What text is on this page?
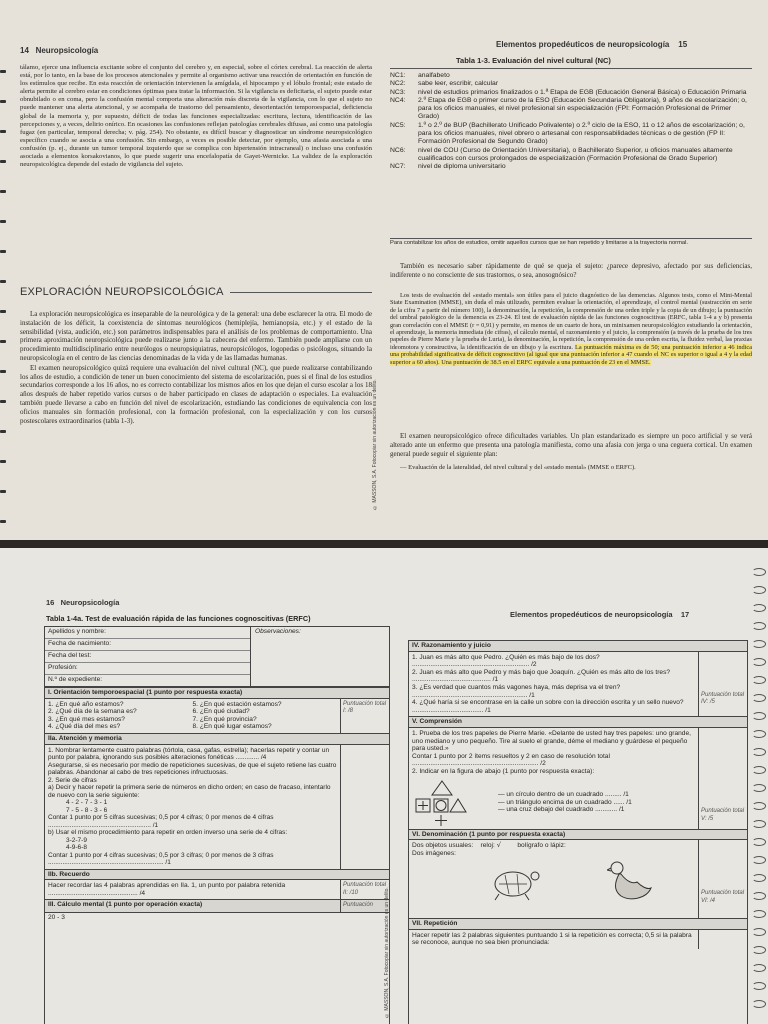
14 Neuropsicología

tálamo, ejerce una influencia excitante sobre el conjunto del cerebro y, en especial, sobre el córtex cerebral. La reacción de alerta está, por lo tanto, en la base de los procesos atencionales y permite al organismo activar una reacción de orientación en función de los estímulos que recibe. En esta reacción de orientación intervienen la amígdala, el hipocampo y el lóbulo frontal; este estado de alerta permite al cerebro estar en condiciones óptimas para tratar la información. Si la vigilancia es deficitaria, el sujeto puede estar obnubilado o en coma, pero la confusión mental comporta una alteración más discreta de la vigilancia, con lo que el sujeto no puede mantener una alerta atencional, y se acompaña de trastorno del pensamiento, desorientación temporoespacial, deficiencia global de la memoria y, por supuesto, déficit de todas las funciones especializadas: escritura, lectura, identificación de las percepciones y, a veces, delirio onírico. En ocasiones las confusiones reflejan patologías cerebrales difusas, así como una patología fugaz (en particular, temporal derecha; v. pág. 254). No obstante, es difícil buscar y diagnosticar un síndrome neuropsicológico específico cuando se asocia a una confusión. Sin embargo, a veces es posible detectar, por ejemplo, una afasia asociada a una confusión (p. ej., durante un tumor temporal izquierdo que se complica con hipertensión intracraneal) o incluso una confusión asociada a elementos korsakovianos, lo que puede sugerir una encefalopatía de Gayet-Wernicke. La validez de la exploración neuropsicológica depende del estado de vigilancia del sujeto.

EXPLORACIÓN NEUROPSICOLÓGICA

La exploración neuropsicológica es inseparable de la neurológica y de la general: una debe esclarecer la otra. El modo de instalación de los déficit, la coexistencia de síntomas neurológicos (hemiplejía, hemianopsia, etc.) y el estado de la sensibilidad (vista, audición, etc.) son parámetros indispensables para el análisis de los problemas de comportamiento. Una primera aproximación neuropsicológica puede realizarse junto a la cabecera del enfermo. También puede ampliarse con un procedimiento multidisciplinario entre neurólogos o neuropsiquiatras, neuropsicólogos, logopedas o psicólogos, situando la neuropsicología en el centro de las ciencias denominadas de la vida y de las llamadas humanas.

El examen neuropsicológico quizá requiere una evaluación del nivel cultural (NC), que puede realizarse contabilizando los años de estudio, a condición de tener un buen conocimiento del sistema de escolarización, pues si el final de los estudios secundarios corresponde a los 16 años, no es correcto contabilizar los mismos años en los que dejan el curso escolar a los 18 años después de haber repetido varios cursos o de haber participado en clases de adaptación o especiales. La evaluación también puede llevarse a cabo en función del nivel de escolarización, estudiando las condiciones de equivalencia con los oficios manuales sin formación profesional, con la formación profesional, con la especialización y con los cursos postescolares extraordinarios (tabla 1-3).

Elementos propedéuticos de neuropsicología 15
Tabla 1-3. Evaluación del nivel cultural (NC)
NC1:	analfabeto
NC2:	sabe leer, escribir, calcular
NC3:	nivel de estudios primarios finalizados o 1.ª Etapa de EGB (Educación General Básica) o Educación Primaria
NC4:	2.º Etapa de EGB o primer curso de la ESO (Educación Secundaria Obligatoria), 9 años de escolarización; o, para los oficios manuales, el nivel profesional sin especialización (FPI: Formación Profesional de Primer Grado)
NC5:	1.º o 2.º de BUP (Bachillerato Unificado Polivalente) o 2.º ciclo de la ESO, 11 o 12 años de escolarización; o, para los oficios manuales, nivel obrero o artesanal con responsabilidades técnicas o de gestión (FP II: Formación Profesional de Segundo Grado)
NC6:	nivel de COU (Curso de Orientación Universitaria), o Bachillerato Superior, u oficios manuales altamente cualificados con cursos prolongados de especialización (Formación Profesional de Grado Superior)
NC7:	nivel de diploma universitario
Para contabilizar los años de estudios, omitir aquellos cursos que se han repetido y limitarse a la trayectoria normal.

También es necesario saber rápidamente de qué se queja el sujeto: ¿parece depresivo, afectado por sus deficiencias, indiferente o no consciente de sus trastornos, o sea, anosognósico?

Los tests de evaluación del «estado mental» son útiles para el juicio diagnóstico de las demencias. Algunos tests, como el Mini-Mental State Examination (MMSE), sin duda el más utilizado, permiten evaluar la orientación, el aprendizaje, el control mental (sustracción en serie de la cifra 7 a partir del número 100), la denominación, la repetición, la comprensión de una orden triple y la copia de un dibujo; la puntuación del umbral patológico de la demencia es 23-24. El test de evaluación rápida de las funciones cognoscitivas (ERFC, tabla 1-4 a y b) presenta gran correlación con el MMSE (r = 0,91) y permite, en menos de un cuarto de hora, un minixamen neuropsicológico estudiando la orientación, el aprendizaje, la memoria inmediata (de cifras), el cálculo mental, el razonamiento y el juicio, la comprensión (a través de la prueba de los tres papeles de Pierre Marie y la prueba de Luria), la denominación, la repetición, la comprensión de una orden escrita, la fluidez verbal, las praxias ideomotora y constructiva, la identificación de un dibujo y la escritura. La puntuación máxima es de 50; una puntuación inferior a 46 indica una probabilidad significativa de déficit cognoscitivo (al igual que una puntuación inferior a 47 cuando el NC es superior o igual a 4 y la edad superior a 60 años). Una puntuación de 38.5 en el ERFC equivale a una puntuación de 23 en el MMSE.

El examen neuropsicológico ofrece dificultades variables. Un plan estandarizado es siempre un poco artificial y se verá alterado ante un enfermo que presenta una patología manifiesta, como una afasia con jerga o una ceguera cortical. Un examen general puede seguir el siguiente plan:

— Evaluación de la lateralidad, del nivel cultural y del «estado mental» (MMSE o ERFC).

© MASSON, S.A. Fotocopiar sin autorización es un delito.
16 Neuropsicología
Tabla 1-4a. Test de evaluación rápida de las funciones cognoscitivas (ERFC)
Apellidos y nombre:
Fecha de nacimiento:
Fecha del test:
Profesión:
N.º de expediente:
Observaciones:
I. Orientación temporoespacial (1 punto por respuesta exacta)
1. ¿En qué año estamos?
2. ¿Qué día de la semana es?
3. ¿En qué mes estamos?
4. ¿Qué día del mes es?
5. ¿En qué estación estamos?
6. ¿En qué ciudad?
7. ¿En qué provincia?
8. ¿En qué lugar estamos?
Puntuación total I: /8
IIa. Atención y memoria
1. Nombrar lentamente cuatro palabras (tórtola, casa, gafas, estrella); hacerlas repetir y contar un punto por palabra, ignorando sus posibles alteraciones fonéticas ............. /4
Asegurarse, si es necesario por medio de repeticiones sucesivas, de que el sujeto retiene las cuatro palabras. Abandonar al cabo de tres repeticiones infructuosas.
2. Serie de cifras
a) Decir y hacer repetir la primera serie de números en dicho orden; en caso de fracaso, intentarlo de nuevo con la serie siguiente:
4 - 2 - 7 - 3 - 1
7 - 5 - 8 - 3 - 6
Contar 1 punto por 5 cifras sucesivas; 0,5 por 4 cifras; 0 por menos de 4 cifras ......................................................... /1
b) Usar el mismo procedimiento para repetir en orden inverso una serie de 4 cifras:
3-2-7-9
4-9-6-8
Contar 1 punto por 4 cifras sucesivas; 0,5 por 3 cifras; 0 por menos de 3 cifras ................................................................ /1
IIb. Recuerdo
Hacer recordar las 4 palabras aprendidas en IIa. 1, un punto por palabra retenida ................................................. /4
Puntuación total II: /10
III. Cálculo mental (1 punto por operación exacta)	Puntuación
20 - 3
Elementos propedéuticos de neuropsicología 17
© MASSON, S.A. Fotocopiar sin autorización es un delito.
IV. Razonamiento y juicio
1. Juan es más alto que Pedro. ¿Quién es más bajo de los dos? ................................................................ /2
2. Juan es más alto que Pedro y más bajo que Joaquín. ¿Quién es más alto de los tres? ........................................... /1
3. ¿Es verdad que cuantos más vagones haya, más deprisa va el tren? ............................................................... /1
4. ¿Qué haría si se encontrase en la calle un sobre con la dirección escrita y un sello nuevo? ....................................... /1
Puntuación total IV: /5
V. Comprensión
1. Prueba de los tres papeles de Pierre Marie. «Delante de usted hay tres papeles: uno grande, uno mediano y uno pequeño. Tire al suelo el grande, déme el mediano y guárdese el pequeño para usted.»
Contar 1 punto por 2 ítems resueltos y 2 en caso de resolución total ..................................................................... /2
2. Indicar en la figura de abajo (1 punto por respuesta exacta):
— un círculo dentro de un cuadrado ......... /1
— un triángulo encima de un cuadrado ...... /1
— una cruz debajo del cuadrado ............ /1	Puntuación total V: /5
VI. Denominación (1 punto por respuesta exacta)
Dos objetos usuales: reloj: √	bolígrafo o lápiz:
Dos imágenes:
Puntuación total VI: /4
VII. Repetición
Hacer repetir las 2 palabras siguientes puntuando 1 si la repetición es correcta; 0,5 si la palabra se reconoce, aunque no sea bien pronunciada:
